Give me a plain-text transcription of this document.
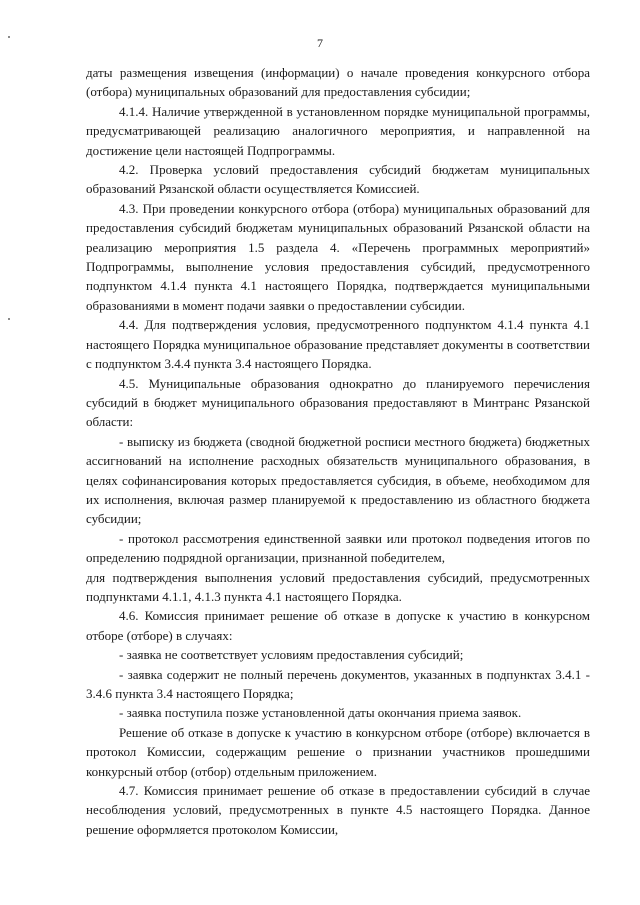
7

даты размещения извещения (информации) о начале проведения конкурсного отбора (отбора) муниципальных образований для предоставления субсидии;

4.1.4. Наличие утвержденной в установленном порядке муниципальной программы, предусматривающей реализацию аналогичного мероприятия, и направленной на достижение цели настоящей Подпрограммы.

4.2. Проверка условий предоставления субсидий бюджетам муниципальных образований Рязанской области осуществляется Комиссией.

4.3. При проведении конкурсного отбора (отбора) муниципальных образований для предоставления субсидий бюджетам муниципальных образований Рязанской области на реализацию мероприятия 1.5 раздела 4. «Перечень программных мероприятий» Подпрограммы, выполнение условия предоставления субсидий, предусмотренного подпунктом 4.1.4 пункта 4.1 настоящего Порядка, подтверждается муниципальными образованиями в момент подачи заявки о предоставлении субсидии.

4.4. Для подтверждения условия, предусмотренного подпунктом 4.1.4 пункта 4.1 настоящего Порядка муниципальное образование представляет документы в соответствии с подпунктом 3.4.4 пункта 3.4 настоящего Порядка.

4.5. Муниципальные образования однократно до планируемого перечисления субсидий в бюджет муниципального образования предоставляют в Минтранс Рязанской области:

- выписку из бюджета (сводной бюджетной росписи местного бюджета) бюджетных ассигнований на исполнение расходных обязательств муниципального образования, в целях софинансирования которых предоставляется субсидия, в объеме, необходимом для их исполнения, включая размер планируемой к предоставлению из областного бюджета субсидии;

- протокол рассмотрения единственной заявки или протокол подведения итогов по определению подрядной организации, признанной победителем,

для подтверждения выполнения условий предоставления субсидий, предусмотренных подпунктами 4.1.1, 4.1.3 пункта 4.1 настоящего Порядка.

4.6. Комиссия принимает решение об отказе в допуске к участию в конкурсном отборе (отборе) в случаях:

- заявка не соответствует условиям предоставления субсидий;

- заявка содержит не полный перечень документов, указанных в подпунктах 3.4.1 - 3.4.6 пункта 3.4 настоящего Порядка;

- заявка поступила позже установленной даты окончания приема заявок.

Решение об отказе в допуске к участию в конкурсном отборе (отборе) включается в протокол Комиссии, содержащим решение о признании участников прошедшими конкурсный отбор (отбор) отдельным приложением.

4.7. Комиссия принимает решение об отказе в предоставлении субсидий в случае несоблюдения условий, предусмотренных в пункте 4.5 настоящего Порядка. Данное решение оформляется протоколом Комиссии,
